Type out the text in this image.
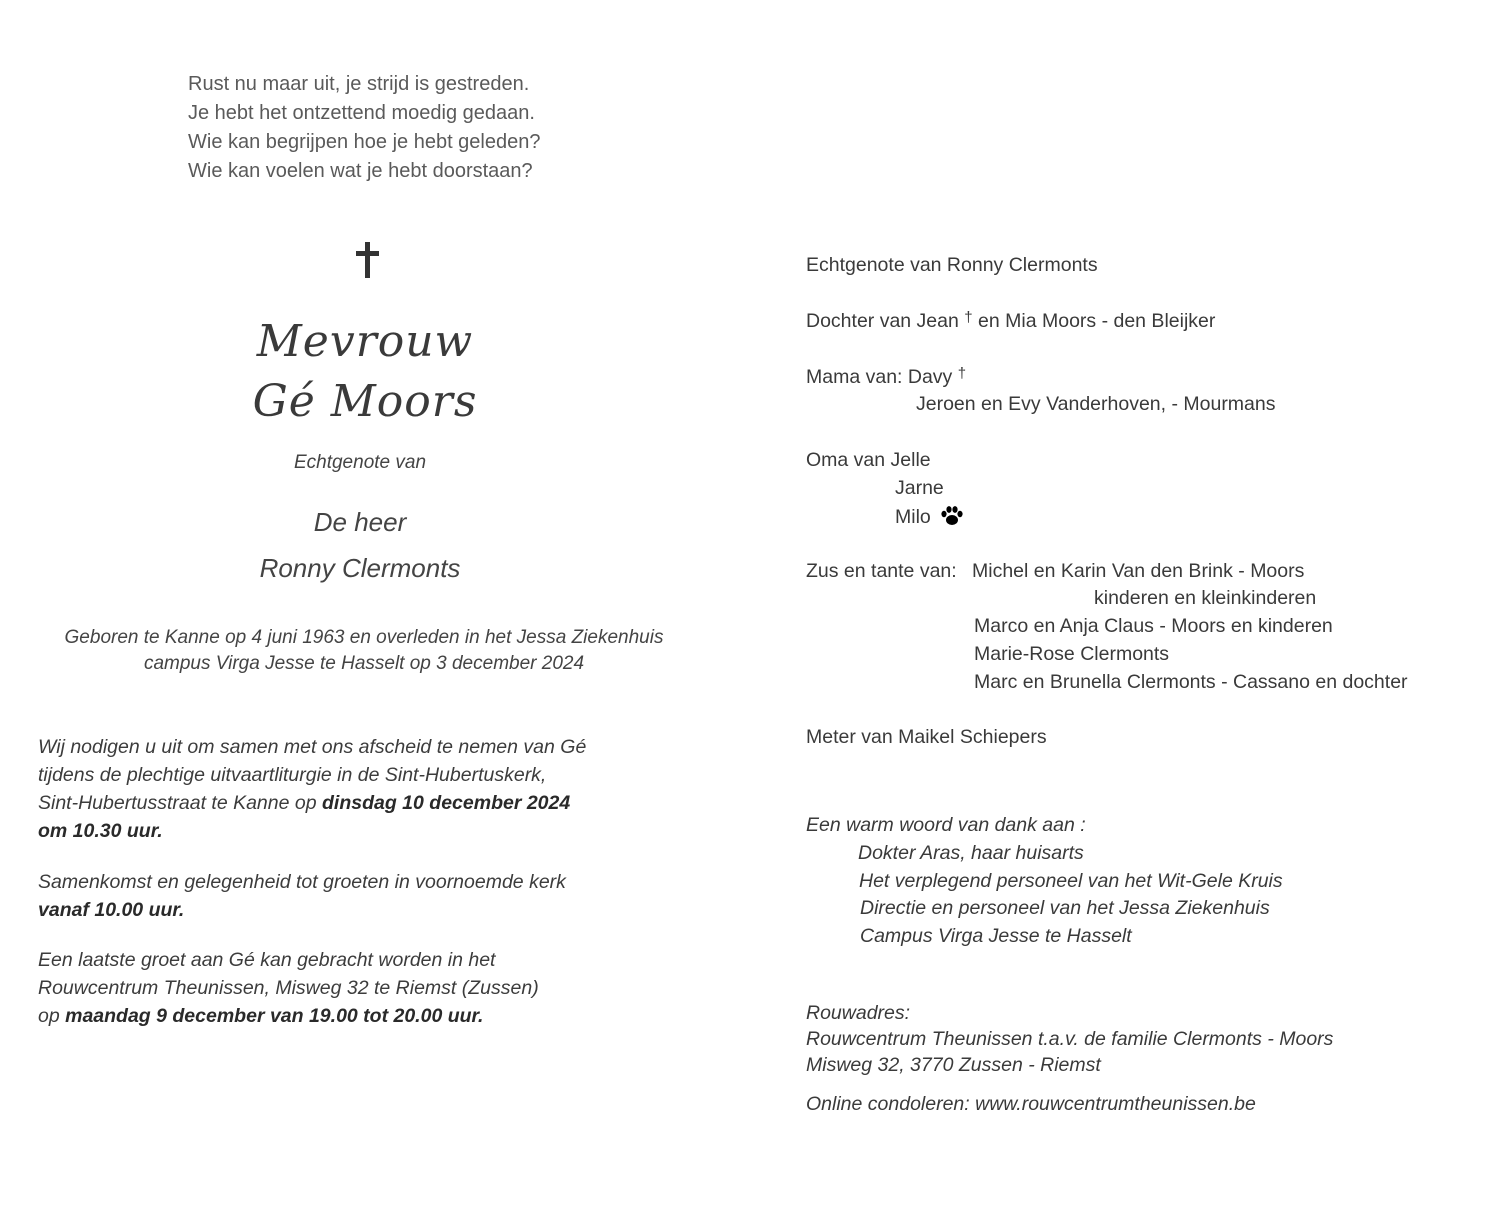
Rust nu maar uit, je strijd is gestreden.
Je hebt het ontzettend moedig gedaan.
Wie kan begrijpen hoe je hebt geleden?
Wie kan voelen wat je hebt doorstaan?
Mevrouw
Gé Moors
Echtgenote van
De heer
Ronny Clermonts
Geboren te Kanne op 4 juni 1963 en overleden in het Jessa Ziekenhuis
campus Virga Jesse te Hasselt op 3 december 2024
Wij nodigen u uit om samen met ons afscheid te nemen van Gé
tijdens de plechtige uitvaartliturgie in de Sint-Hubertuskerk,
Sint-Hubertusstraat te Kanne op dinsdag 10 december 2024
om 10.30 uur.
Samenkomst en gelegenheid tot groeten in voornoemde kerk
vanaf 10.00 uur.
Een laatste groet aan Gé kan gebracht worden in het
Rouwcentrum Theunissen, Misweg 32 te Riemst (Zussen)
op maandag 9 december van 19.00 tot 20.00 uur.
Echtgenote van Ronny Clermonts
Dochter van Jean † en Mia Moors - den Bleijker
Mama van: Davy †
Jeroen en Evy Vanderhoven, - Mourmans
Oma van Jelle
Jarne
Milo
Zus en tante van: Michel en Karin Van den Brink - Moors
kinderen en kleinkinderen
Marco en Anja Claus - Moors en kinderen
Marie-Rose Clermonts
Marc en Brunella Clermonts - Cassano en dochter
Meter van Maikel Schiepers
Een warm woord van dank aan :
Dokter Aras, haar huisarts
Het verplegend personeel van het Wit-Gele Kruis
Directie en personeel van het Jessa Ziekenhuis
Campus Virga Jesse te Hasselt
Rouwadres:
Rouwcentrum Theunissen t.a.v. de familie Clermonts - Moors
Misweg 32, 3770 Zussen - Riemst
Online condoleren: www.rouwcentrumtheunissen.be
